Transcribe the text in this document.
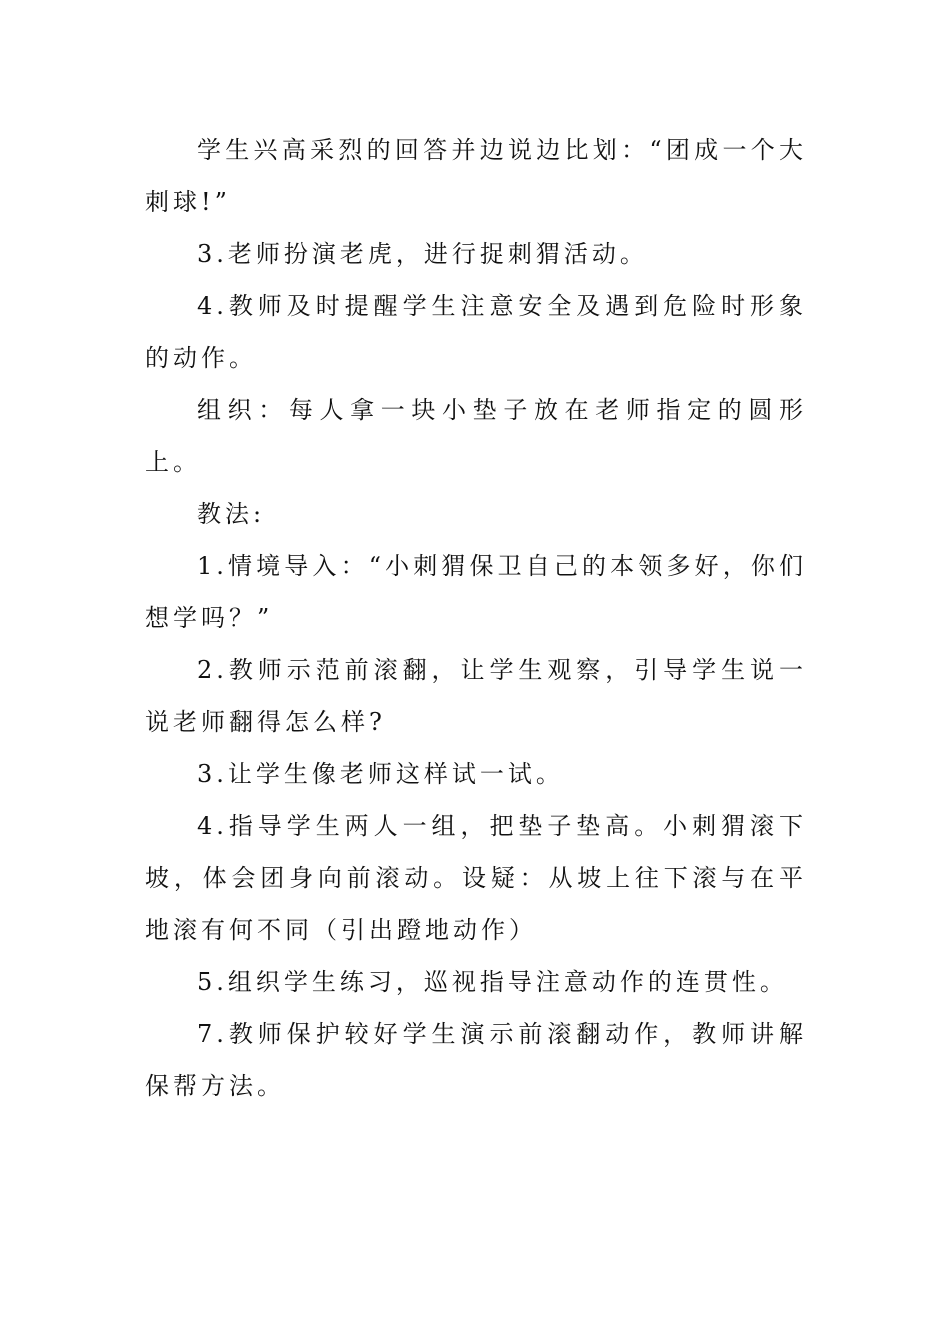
学生兴高采烈的回答并边说边比划：“团成一个大刺球!”

3.老师扮演老虎，进行捉刺猬活动。

4.教师及时提醒学生注意安全及遇到危险时形象的动作。

组织：每人拿一块小垫子放在老师指定的圆形上。

教法:

1.情境导入：“小刺猬保卫自己的本领多好，你们想学吗？”

2.教师示范前滚翻，让学生观察，引导学生说一说老师翻得怎么样?

3.让学生像老师这样试一试。

4.指导学生两人一组，把垫子垫高。小刺猬滚下坡，体会团身向前滚动。设疑：从坡上往下滚与在平地滚有何不同（引出蹬地动作）

5.组织学生练习，巡视指导注意动作的连贯性。

7.教师保护较好学生演示前滚翻动作，教师讲解保帮方法。
